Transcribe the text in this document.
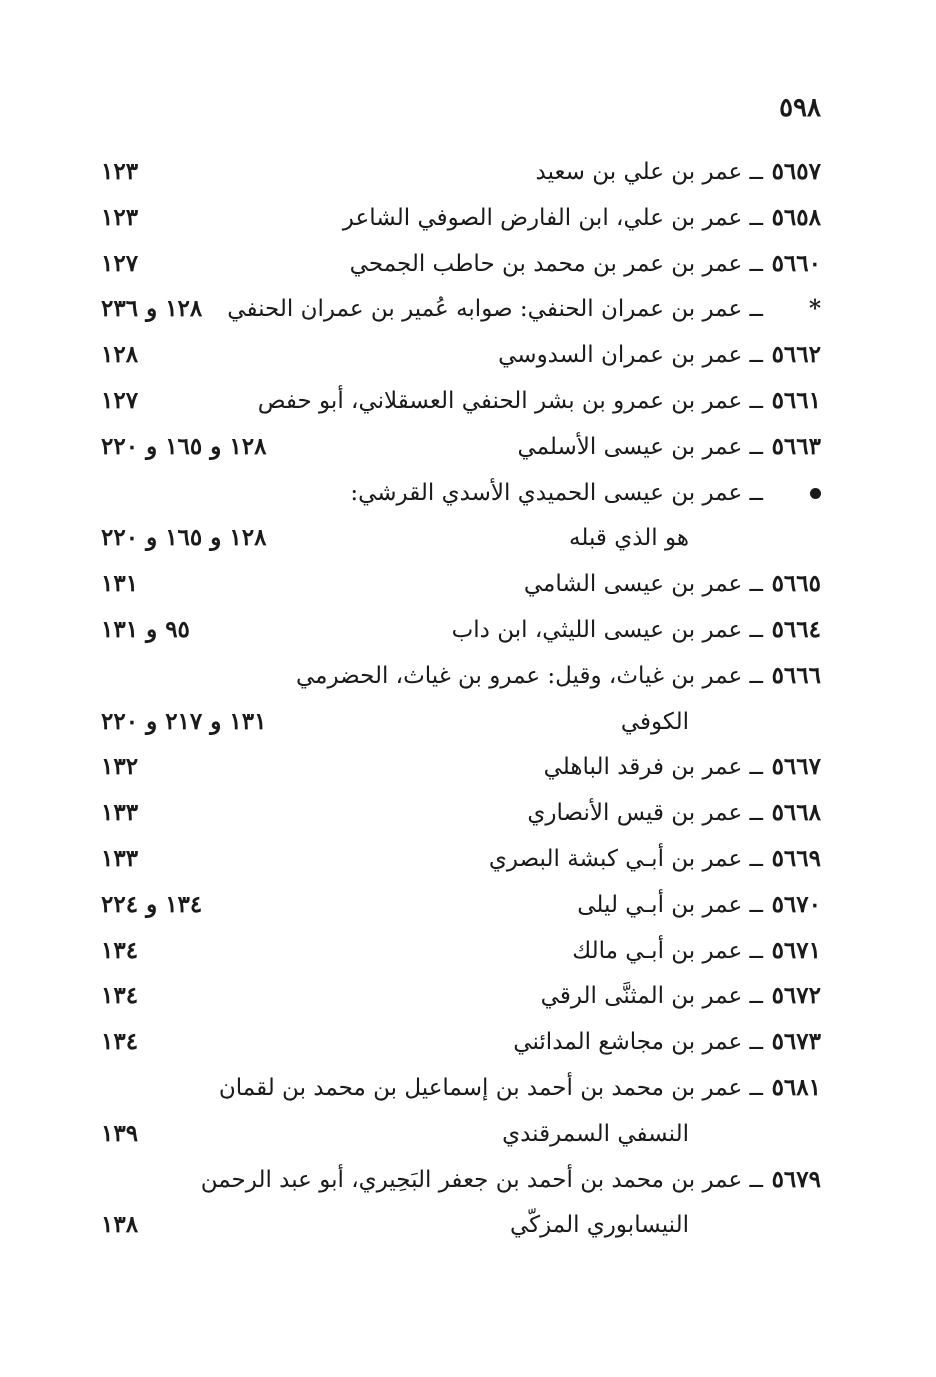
٥٩٨
٥٦٥٧
ــ عمر بن علي بن سعيد
١٢٣
٥٦٥٨
ــ عمر بن علي، ابن الفارض الصوفي الشاعر
١٢٣
٥٦٦٠
ــ عمر بن عمر بن محمد بن حاطب الجمحي
١٢٧
*
ــ عمر بن عمران الحنفي: صوابه عُمير بن عمران الحنفي
١٢٨ و ٢٣٦
٥٦٦٢
ــ عمر بن عمران السدوسي
١٢٨
٥٦٦١
ــ عمر بن عمرو بن بشر الحنفي العسقلاني، أبو حفص
١٢٧
٥٦٦٣
ــ عمر بن عيسى الأسلمي
١٢٨ و ١٦٥ و ٢٢٠
ــ عمر بن عيسى الحميدي الأسدي القرشي:
هو الذي قبله
١٢٨ و ١٦٥ و ٢٢٠
٥٦٦٥
ــ عمر بن عيسى الشامي
١٣١
٥٦٦٤
ــ عمر بن عيسى الليثي، ابن داب
٩٥ و ١٣١
٥٦٦٦
ــ عمر بن غياث، وقيل: عمرو بن غياث، الحضرمي
الكوفي
١٣١ و ٢١٧ و ٢٢٠
٥٦٦٧
ــ عمر بن فرقد الباهلي
١٣٢
٥٦٦٨
ــ عمر بن قيس الأنصاري
١٣٣
٥٦٦٩
ــ عمر بن أبـي كبشة البصري
١٣٣
٥٦٧٠
ــ عمر بن أبـي ليلى
١٣٤ و ٢٢٤
٥٦٧١
ــ عمر بن أبـي مالك
١٣٤
٥٦٧٢
ــ عمر بن المثنَّى الرقي
١٣٤
٥٦٧٣
ــ عمر بن مجاشع المدائني
١٣٤
٥٦٨١
ــ عمر بن محمد بن أحمد بن إسماعيل بن محمد بن لقمان
النسفي السمرقندي
١٣٩
٥٦٧٩
ــ عمر بن محمد بن أحمد بن جعفر البَحِيري، أبو عبد الرحمن
النيسابوري المزكّي
١٣٨
